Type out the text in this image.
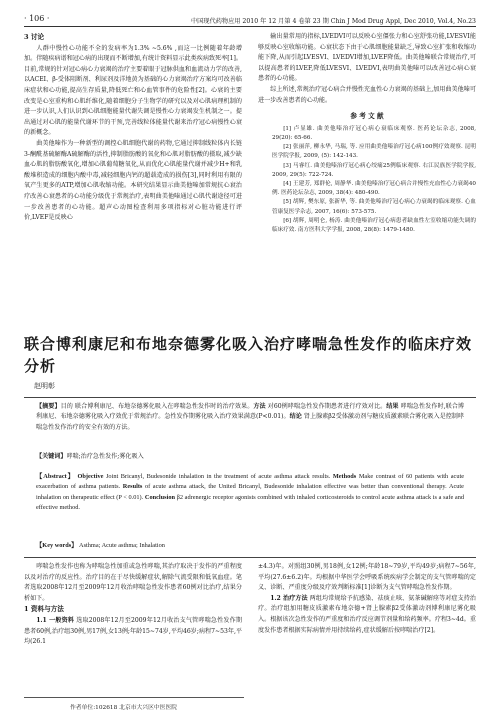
· 106 ·	中国现代药物应用 2010 年 12 月第 4 卷第 23 期 Chin J Mod Drug Appl, Dec 2010, Vol.4, No.23
3 讨论

人群中慢性心功能不全的发病率为1.3% ~5.6% ,而这一比例随着年龄增加。伴随疾病谱和冠心病的出现而不断增加,有统计资料显示此类疾病致死率[1]。目前,常规的针对冠心病心力衰竭的治疗主要着眼于冠脉供血和血流动力学的改善,以ACEI、β-受体阻断剂、利尿剂及洋地黄为基础的心力衰竭治疗方案均可改善临床症状和心功能,提高生存质量,降低死亡和心血管事件的危险性[2]。心衰的主要改变是心室重构和心肌纤维化,随着细胞分子生物学的研究以及对心肌病理机制的进一步认识,人们认识到心肌细胞能量代谢失调是慢性心力衰竭发生机制之一。提出通过对心肌的能量代谢环节的干预,完善线粒体能量代谢来治疗冠心病慢性心衰的新概念。

曲美他嗪作为一种新型的调控心肌细胞代谢的药物,它通过抑制线粒体内长链3-酮酰基硫解酶A硫解酶的活性,抑制脂肪酸的氧化和心肌对脂肪酸的摄取,减少缺血心肌的脂肪酸氧化,增加心肌葡萄糖氧化,从而优化心肌能量代谢并减少H+和乳酸堆积造成的细胞内酸中毒,减轻细胞内钙的超载造成的损伤[3],同时利用有限的氧产生更多的ATP,增加心肌收缩功能。本研究结果显示曲美他嗪加常规抗心衰治疗改善心衰患者的心功能分级优于常规治疗,表明曲美他嗪通过心肌代谢途径可进一步改善患者的心功能。超声心动图检查利用多项指标对心脏功能进行评价,LVEF是反映心

输出量常用的指标,LVEDVI可以反映心室僵张力和心室舒张功能,LVESVI能够反映心室收缩功能。心衰状态下由于心肌细胞能量缺乏,导致心室扩张和收缩功能下降,从而引起LVESVI、LVEDVI增加,LVEF降低。曲美他嗪联合常规治疗,可以提高患者的LVEF,降低LVESVI、LVEDVI,表明曲美他嗪可以改善冠心病心衰患者的心功能。

综上所述,常规治疗冠心病合并慢性充血性心力衰竭的基础上,加用曲美他嗪可进一步改善患者的心功能。

参 考 文 献

[1] 卢显雄. 曲美他嗪治疗冠心病心衰临床观察. 医药论坛杂志, 2008, 29(20): 65-66.

[2] 张丽萍, 柳永华, 马瑞, 等. 应用曲美他嗪治疗冠心病100例疗效观察. 昆明医学院学报, 2009, (5): 142-143.

[3] 马睿红. 曲美他嗪治疗冠心病心绞痛25例临床观察. 右江民族医学院学报, 2009, 29(5): 722-724.

[4] 王建芳, 郑群伦, 周静华. 曲美他嗪治疗冠心病合并慢性充血性心力衰竭40例. 医药论坛杂志, 2009, 38(4): 480-490.

[5] 胡辉, 樊东原, 张新华, 等. 曲美他嗪治疗冠心病心力衰竭的临床观察. 心血管康复医学杂志, 2007, 16(6): 573-575.

[6] 胡辉, 周明仑, 杨涛. 曲美他嗪治疗冠心病患者缺血性左室收缩功能失调的临床疗效. 南方医科大学学报, 2008, 28(8): 1479-1480.

联合博利康尼和布地奈德雾化吸入治疗哮喘急性发作的临床疗效分析
赵明彰
【摘要】目的 联合博利康尼、布地奈德雾化吸入在哮喘急性发作时的治疗效果。方法 对60例哮喘急性发作期患者进行疗效对比。结果 哮喘急性发作时,联合博利康尼、布地奈德雾化吸入疗效优于常规治疗。急性发作期雾化吸入治疗效果满意(P<0.01)。结论 肾上腺素β2受体激动剂与糖皮质激素联合雾化吸入是控制哮喘急性发作治疗的安全有效的方法。
【关键词】哮喘;治疗急性发作;雾化吸入
【Abstract】 Objective Joint Bricanyl, Budesonide inhalation in the treatment of acute asthma attack results. Methods Make contrast of 60 patients with acute exacerbation of asthma patients. Results of acute asthma attack, the United Bricanyl, Budesonide inhalation effective was better than conventional therapy. Acute inhalation on therapeutic effect (P < 0.01). Conclusion β2 adrenergic receptor agonists combined with inhaled corticosteroids to control acute asthma attack is a safe and effective method.
【Key words】 Asthma; Acute asthma; Inhalation

哮喘急性发作也称为哮喘急性加重或急性哮喘,其治疗取决于发作的严重程度以及对治疗的反应性。治疗目的在于尽快缓解症状,解除气流受限和低氧血症。笔者选取2008年12月至2009年12月收治哮喘急性发作患者60例对比治疗,结果分析如下。

1 资料与方法

1.1 一般资料 选取2008年12月至2009年12月收治支气管哮喘急性发作期患者60例,治疗组30例,男17例,女13例;年龄15~74岁,平均46岁;病程7~53年,平均(26.1

±4.3)年。对照组30例,男18例,女12例;年龄18~79岁,平均49岁;病程7~56年,平均(27.6±6.2)年。均根据中华医学会呼吸系统疾病学会制定的支气管哮喘的定义、诊断、严重度分级及疗效判断标准[1]诊断为支气管哮喘急性发作期。

1.2 治疗方法 两组均常规给予抗感染、祛痰止咳、氨茶碱解痉等对症支持治疗。治疗组加用糖皮质激素布地奈德+肾上腺素β2受体激动剂博利康尼雾化吸入。根据该次急性发作的严重度和治疗反应调节剂量和给药频率。疗程3~4d。重度发作患者根据实际病情并用持续给药,症状缓解后按哮喘治疗[2]。

作者单位:102618 北京市大兴区中医医院
